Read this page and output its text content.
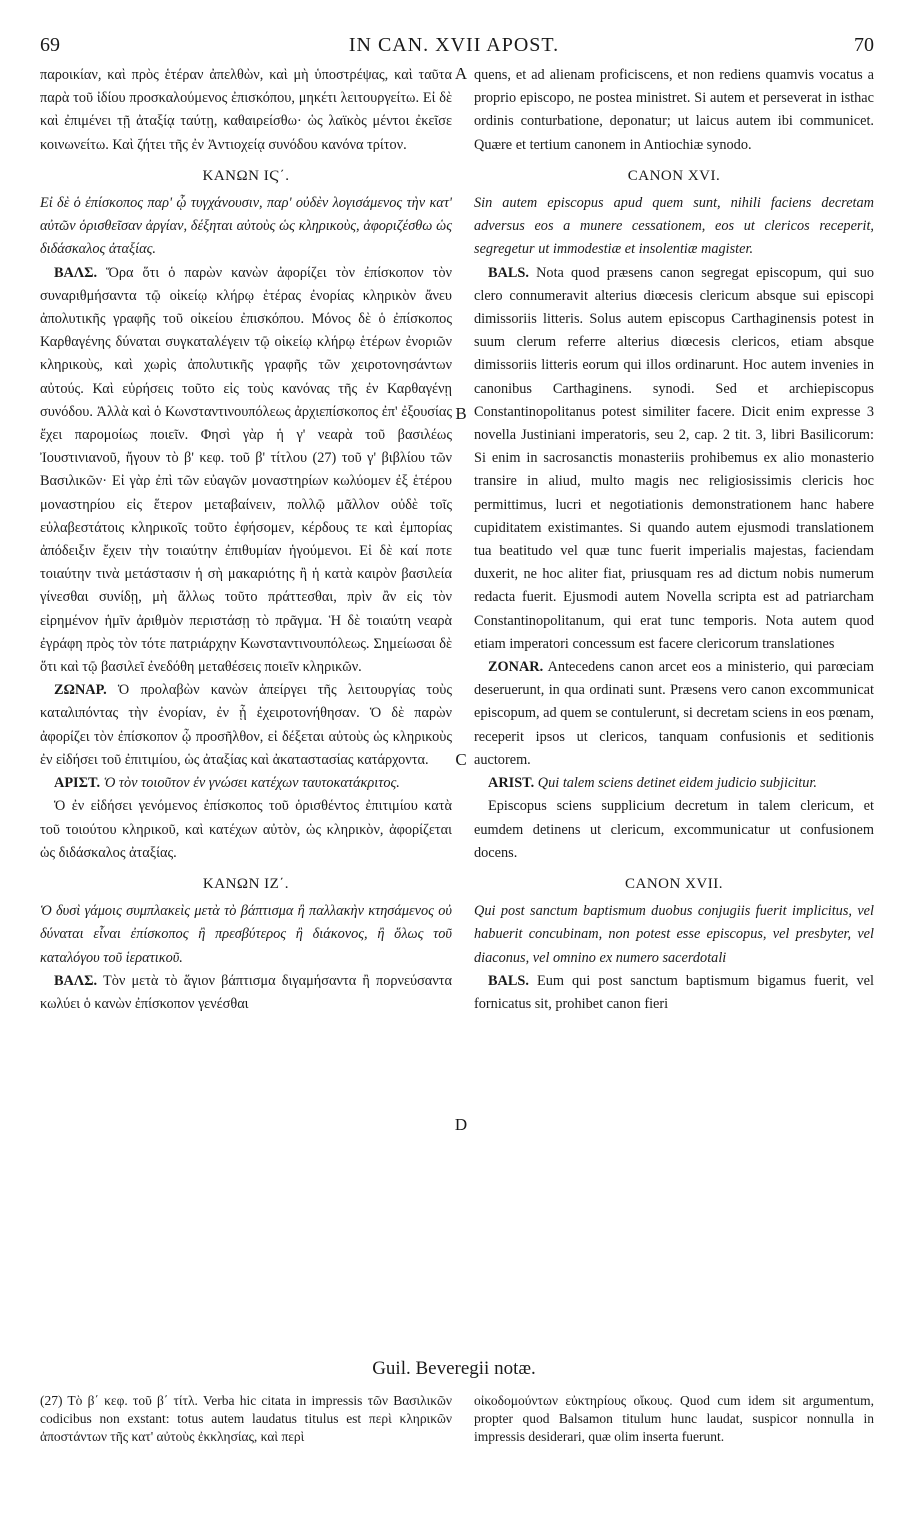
69	IN CAN. XVII APOST.	70

παροικίαν, καὶ πρὸς ἑτέραν ἀπελθὼν, καὶ μὴ ὑποστρέψας, καὶ ταῦτα παρὰ τοῦ ἰδίου προσκαλούμενος ἐπισκόπου, μηκέτι λειτουργείτω. Εἰ δὲ καὶ ἐπιμένει τῇ ἀταξίᾳ ταύτῃ, καθαιρείσθω· ὡς λαϊκὸς μέντοι ἐκεῖσε κοινωνείτω. Καὶ ζήτει τῆς ἐν Ἀντιοχείᾳ συνόδου κανόνα τρίτον.

ΚΑΝΩΝ ΙϚ΄.

Εἰ δὲ ὁ ἐπίσκοπος παρ' ᾧ τυγχάνουσιν, παρ' οὐδὲν λογισάμενος τὴν κατ' αὐτῶν ὁρισθεῖσαν ἀργίαν, δέξηται αὐτοὺς ὡς κληρικοὺς, ἀφοριζέσθω ὡς διδάσκαλος ἀταξίας.

ΒΑΛΣ. Ὅρα ὅτι ὁ παρὼν κανὼν ἀφορίζει τὸν ἐπίσκοπον τὸν συναριθμήσαντα τῷ οἰκείῳ κλήρῳ ἑτέρας ἐνορίας κληρικὸν ἄνευ ἀπολυτικῆς γραφῆς τοῦ οἰκείου ἐπισκόπου. Μόνος δὲ ὁ ἐπίσκοπος Καρθαγένης δύναται συγκαταλέγειν τῷ οἰκείῳ κλήρῳ ἑτέρων ἐνοριῶν κληρικοὺς, καὶ χωρὶς ἀπολυτικῆς γραφῆς τῶν χειροτονησάντων αὐτούς. Καὶ εὑρήσεις τοῦτο εἰς τοὺς κανόνας τῆς ἐν Καρθαγένῃ συνόδου. Ἀλλὰ καὶ ὁ Κωνσταντινουπόλεως ἀρχιεπίσκοπος ἐπ' ἐξουσίας ἔχει παρομοίως ποιεῖν. Φησὶ γὰρ ἡ γ' νεαρὰ τοῦ βασιλέως Ἰουστινιανοῦ, ἤγουν τὸ β' κεφ. τοῦ β' τίτλου (27) τοῦ γ' βιβλίου τῶν Βασιλικῶν· Εἰ γὰρ ἐπὶ τῶν εὐαγῶν μοναστηρίων κωλύομεν ἐξ ἑτέρου μοναστηρίου εἰς ἕτερον μεταβαίνειν, πολλῷ μᾶλλον οὐδὲ τοῖς εὐλαβεστάτοις κληρικοῖς τοῦτο ἐφήσομεν, κέρδους τε καὶ ἐμπορίας ἀπόδειξιν ἔχειν τὴν τοιαύτην ἐπιθυμίαν ἡγούμενοι. Εἰ δὲ καί ποτε τοιαύτην τινὰ μετάστασιν ἡ σὴ μακαριότης ἢ ἡ κατὰ καιρὸν βασιλεία γίνεσθαι συνίδῃ, μὴ ἄλλως τοῦτο πράττεσθαι, πρὶν ἂν εἰς τὸν εἰρημένον ἡμῖν ἀριθμὸν περιστάσῃ τὸ πρᾶγμα. Ἡ δὲ τοιαύτη νεαρὰ ἐγράφη πρὸς τὸν τότε πατριάρχην Κωνσταντινουπόλεως. Σημείωσαι δὲ ὅτι καὶ τῷ βασιλεῖ ἐνεδόθη μεταθέσεις ποιεῖν κληρικῶν.

ΖΩΝΑΡ. Ὁ προλαβὼν κανὼν ἀπείργει τῆς λειτουργίας τοὺς καταλιπόντας τὴν ἐνορίαν, ἐν ᾗ ἐχειροτονήθησαν. Ὁ δὲ παρὼν ἀφορίζει τὸν ἐπίσκοπον ᾧ προσῆλθον, εἰ δέξεται αὐτοὺς ὡς κληρικοὺς ἐν εἰδήσει τοῦ ἐπιτιμίου, ὡς ἀταξίας καὶ ἀκαταστασίας κατάρχοντα.

ΑΡΙΣΤ. Ὁ τὸν τοιοῦτον ἐν γνώσει κατέχων ταυτοκατάκριτος.

Ὁ ἐν εἰδήσει γενόμενος ἐπίσκοπος τοῦ ὁρισθέντος ἐπιτιμίου κατὰ τοῦ τοιούτου κληρικοῦ, καὶ κατέχων αὐτὸν, ὡς κληρικὸν, ἀφορίζεται ὡς διδάσκαλος ἀταξίας.

ΚΑΝΩΝ ΙΖ΄.

Ὁ δυσὶ γάμοις συμπλακεὶς μετὰ τὸ βάπτισμα ἢ παλλακὴν κτησάμενος οὐ δύναται εἶναι ἐπίσκοπος ἢ πρεσβύτερος ἢ διάκονος, ἢ ὅλως τοῦ καταλόγου τοῦ ἱερατικοῦ.

ΒΑΛΣ. Τὸν μετὰ τὸ ἅγιον βάπτισμα διγαμήσαντα ἢ πορνεύσαντα κωλύει ὁ κανὼν ἐπίσκοπον γενέσθαι

A
B
C
D

quens, et ad alienam proficiscens, et non rediens quamvis vocatus a proprio episcopo, ne postea ministret. Si autem et perseverat in isthac ordinis conturbatione, deponatur; ut laicus autem ibi communicet. Quære et tertium canonem in Antiochiæ synodo.

CANON XVI.

Sin autem episcopus apud quem sunt, nihili faciens decretam adversus eos a munere cessationem, eos ut clericos receperit, segregetur ut immodestiæ et insolentiæ magister.

BALS. Nota quod præsens canon segregat episcopum, qui suo clero connumeravit alterius diœcesis clericum absque sui episcopi dimissoriis litteris. Solus autem episcopus Carthaginensis potest in suum clerum referre alterius diœcesis clericos, etiam absque dimissoriis litteris eorum qui illos ordinarunt. Hoc autem invenies in canonibus Carthaginens. synodi. Sed et archiepiscopus Constantinopolitanus potest similiter facere. Dicit enim expresse 3 novella Justiniani imperatoris, seu 2, cap. 2 tit. 3, libri Basilicorum: Si enim in sacrosanctis monasteriis prohibemus ex alio monasterio transire in aliud, multo magis nec religiosissimis clericis hoc permittimus, lucri et negotiationis demonstrationem hanc habere cupiditatem existimantes. Si quando autem ejusmodi translationem tua beatitudo vel quæ tunc fuerit imperialis majestas, faciendam duxerit, ne hoc aliter fiat, priusquam res ad dictum nobis numerum redacta fuerit. Ejusmodi autem Novella scripta est ad patriarcham Constantinopolitanum, qui erat tunc temporis. Nota autem quod etiam imperatori concessum est facere clericorum translationes

ZONAR. Antecedens canon arcet eos a ministerio, qui parœciam deseruerunt, in qua ordinati sunt. Præsens vero canon excommunicat episcopum, ad quem se contulerunt, si decretam sciens in eos pœnam, receperit ipsos ut clericos, tanquam confusionis et seditionis auctorem.

ARIST. Qui talem sciens detinet eidem judicio subjicitur.

Episcopus sciens supplicium decretum in talem clericum, et eumdem detinens ut clericum, excommunicatur ut confusionem docens.

CANON XVII.

Qui post sanctum baptismum duobus conjugiis fuerit implicitus, vel habuerit concubinam, non potest esse episcopus, vel presbyter, vel diaconus, vel omnino ex numero sacerdotali

BALS. Eum qui post sanctum baptismum bigamus fuerit, vel fornicatus sit, prohibet canon fieri

Guil. Beveregii notæ.

(27) Τὸ β΄ κεφ. τοῦ β΄ τίτλ. Verba hic citata in impressis τῶν Βασιλικῶν codicibus non exstant: totus autem laudatus titulus est περὶ κληρικῶν ἀποστάντων τῆς κατ' αὐτοὺς ἐκκλησίας, καὶ περὶ

οἰκοδομούντων εὐκτηρίους οἴκους. Quod cum idem sit argumentum, propter quod Balsamon titulum hunc laudat, suspicor nonnulla in impressis desiderari, quæ olim inserta fuerunt.
